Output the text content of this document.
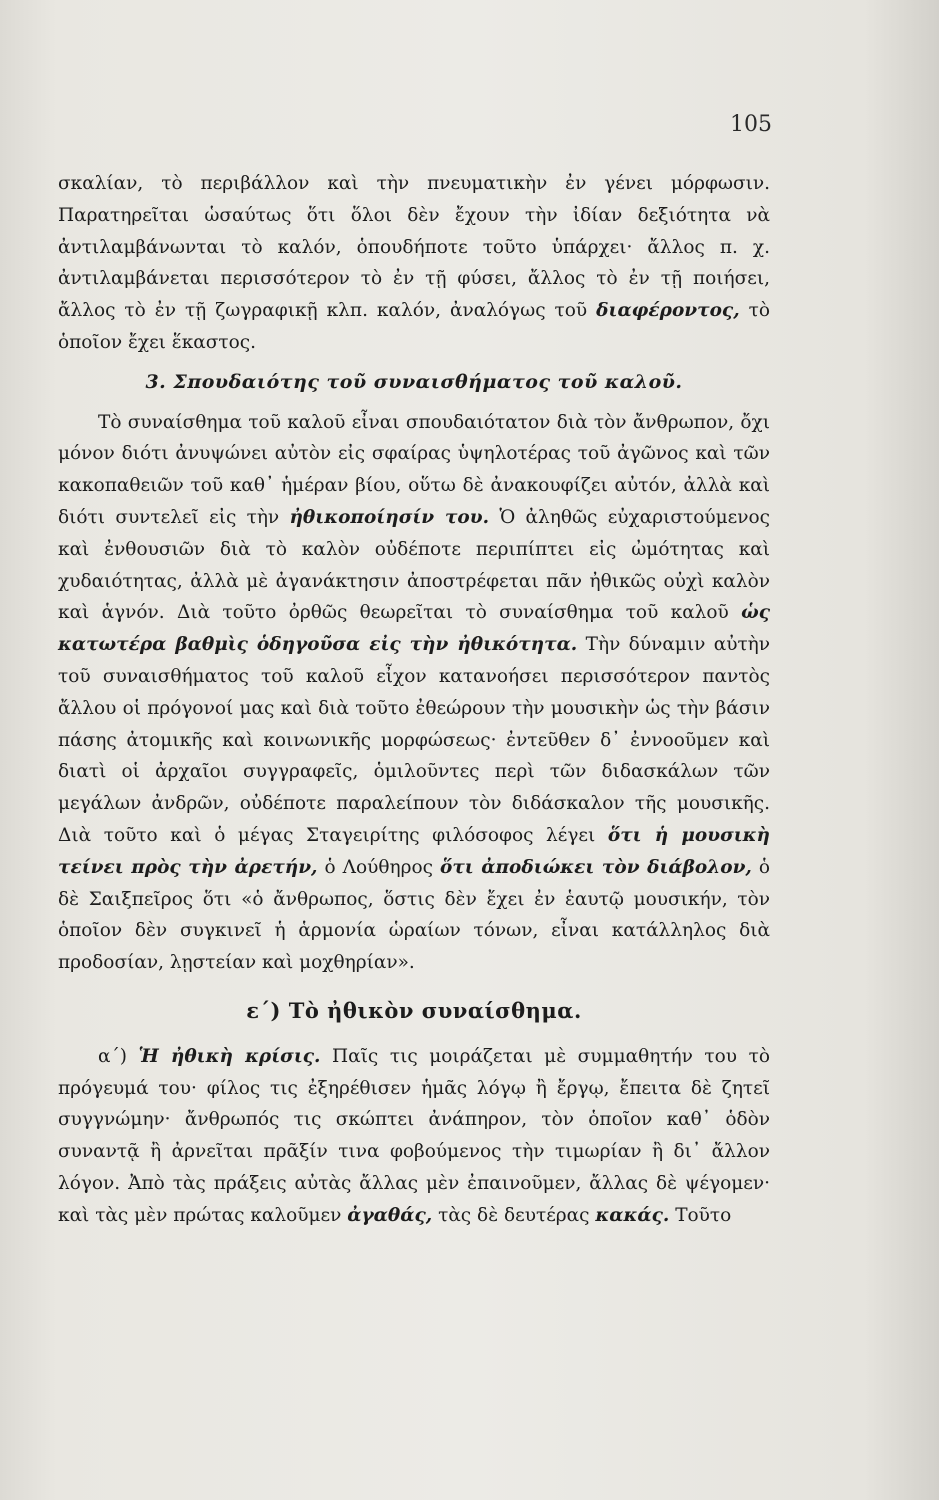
105

σκαλίαν, τὸ περιβάλλον καὶ τὴν πνευματικὴν ἐν γένει μόρφωσιν. Παρατηρεῖται ὡσαύτως ὅτι ὅλοι δὲν ἔχουν τὴν ἰδίαν δεξιότητα νὰ ἀντιλαμβάνωνται τὸ καλόν, ὁπουδήποτε τοῦτο ὑπάρχει· ἄλλος π. χ. ἀντιλαμβάνεται περισσότερον τὸ ἐν τῇ φύσει, ἄλλος τὸ ἐν τῇ ποιήσει, ἄλλος τὸ ἐν τῇ ζωγραφικῇ κλπ. καλόν, ἀναλόγως τοῦ διαφέροντος, τὸ ὁποῖον ἔχει ἕκαστος.

3. Σπουδαιότης τοῦ συναισθήματος τοῦ καλοῦ.

Τὸ συναίσθημα τοῦ καλοῦ εἶναι σπουδαιότατον διὰ τὸν ἄνθρωπον, ὄχι μόνον διότι ἀνυψώνει αὐτὸν εἰς σφαίρας ὑψηλοτέρας τοῦ ἀγῶνος καὶ τῶν κακοπαθειῶν τοῦ καθ᾽ ἡμέραν βίου, οὕτω δὲ ἀνακουφίζει αὐτόν, ἀλλὰ καὶ διότι συντελεῖ εἰς τὴν ἠθικοποίησίν του. Ὁ ἀληθῶς εὐχαριστούμενος καὶ ἐνθουσιῶν διὰ τὸ καλὸν οὐδέποτε περιπίπτει εἰς ὠμότητας καὶ χυδαιότητας, ἀλλὰ μὲ ἀγανάκτησιν ἀποστρέφεται πᾶν ἠθικῶς οὐχὶ καλὸν καὶ ἁγνόν. Διὰ τοῦτο ὀρθῶς θεωρεῖται τὸ συναίσθημα τοῦ καλοῦ ὡς κατωτέρα βαθμὶς ὁδηγοῦσα εἰς τὴν ἠθικότητα. Τὴν δύναμιν αὐτὴν τοῦ συναισθήματος τοῦ καλοῦ εἶχον κατανοήσει περισσότερον παντὸς ἄλλου οἱ πρόγονοί μας καὶ διὰ τοῦτο ἐθεώρουν τὴν μουσικὴν ὡς τὴν βάσιν πάσης ἀτομικῆς καὶ κοινωνικῆς μορφώσεως· ἐντεῦθεν δ᾽ ἐννοοῦμεν καὶ διατὶ οἱ ἀρχαῖοι συγγραφεῖς, ὁμιλοῦντες περὶ τῶν διδασκάλων τῶν μεγάλων ἀνδρῶν, οὐδέποτε παραλείπουν τὸν διδάσκαλον τῆς μουσικῆς. Διὰ τοῦτο καὶ ὁ μέγας Σταγειρίτης φιλόσοφος λέγει ὅτι ἡ μουσικὴ τείνει πρὸς τὴν ἀρετήν, ὁ Λούθηρος ὅτι ἀποδιώκει τὸν διάβολον, ὁ δὲ Σαιξπεῖρος ὅτι «ὁ ἄνθρωπος, ὅστις δὲν ἔχει ἐν ἑαυτῷ μουσικήν, τὸν ὁποῖον δὲν συγκινεῖ ἡ ἁρμονία ὡραίων τόνων, εἶναι κατάλληλος διὰ προδοσίαν, λῃστείαν καὶ μοχθηρίαν».

ε΄) Τὸ ἠθικὸν συναίσθημα.

α΄) Ἡ ἠθικὴ κρίσις. Παῖς τις μοιράζεται μὲ συμμαθητήν του τὸ πρόγευμά του· φίλος τις ἐξηρέθισεν ἡμᾶς λόγῳ ἢ ἔργῳ, ἔπειτα δὲ ζητεῖ συγγνώμην· ἄνθρωπός τις σκώπτει ἀνάπηρον, τὸν ὁποῖον καθ᾽ ὁδὸν συναντᾷ ἢ ἀρνεῖται πρᾶξίν τινα φοβούμενος τὴν τιμωρίαν ἢ δι᾽ ἄλλον λόγον. Ἀπὸ τὰς πράξεις αὐτὰς ἄλλας μὲν ἐπαινοῦμεν, ἄλλας δὲ ψέγομεν· καὶ τὰς μὲν πρώτας καλοῦμεν ἀγαθάς, τὰς δὲ δευτέρας κακάς. Τοῦτο
